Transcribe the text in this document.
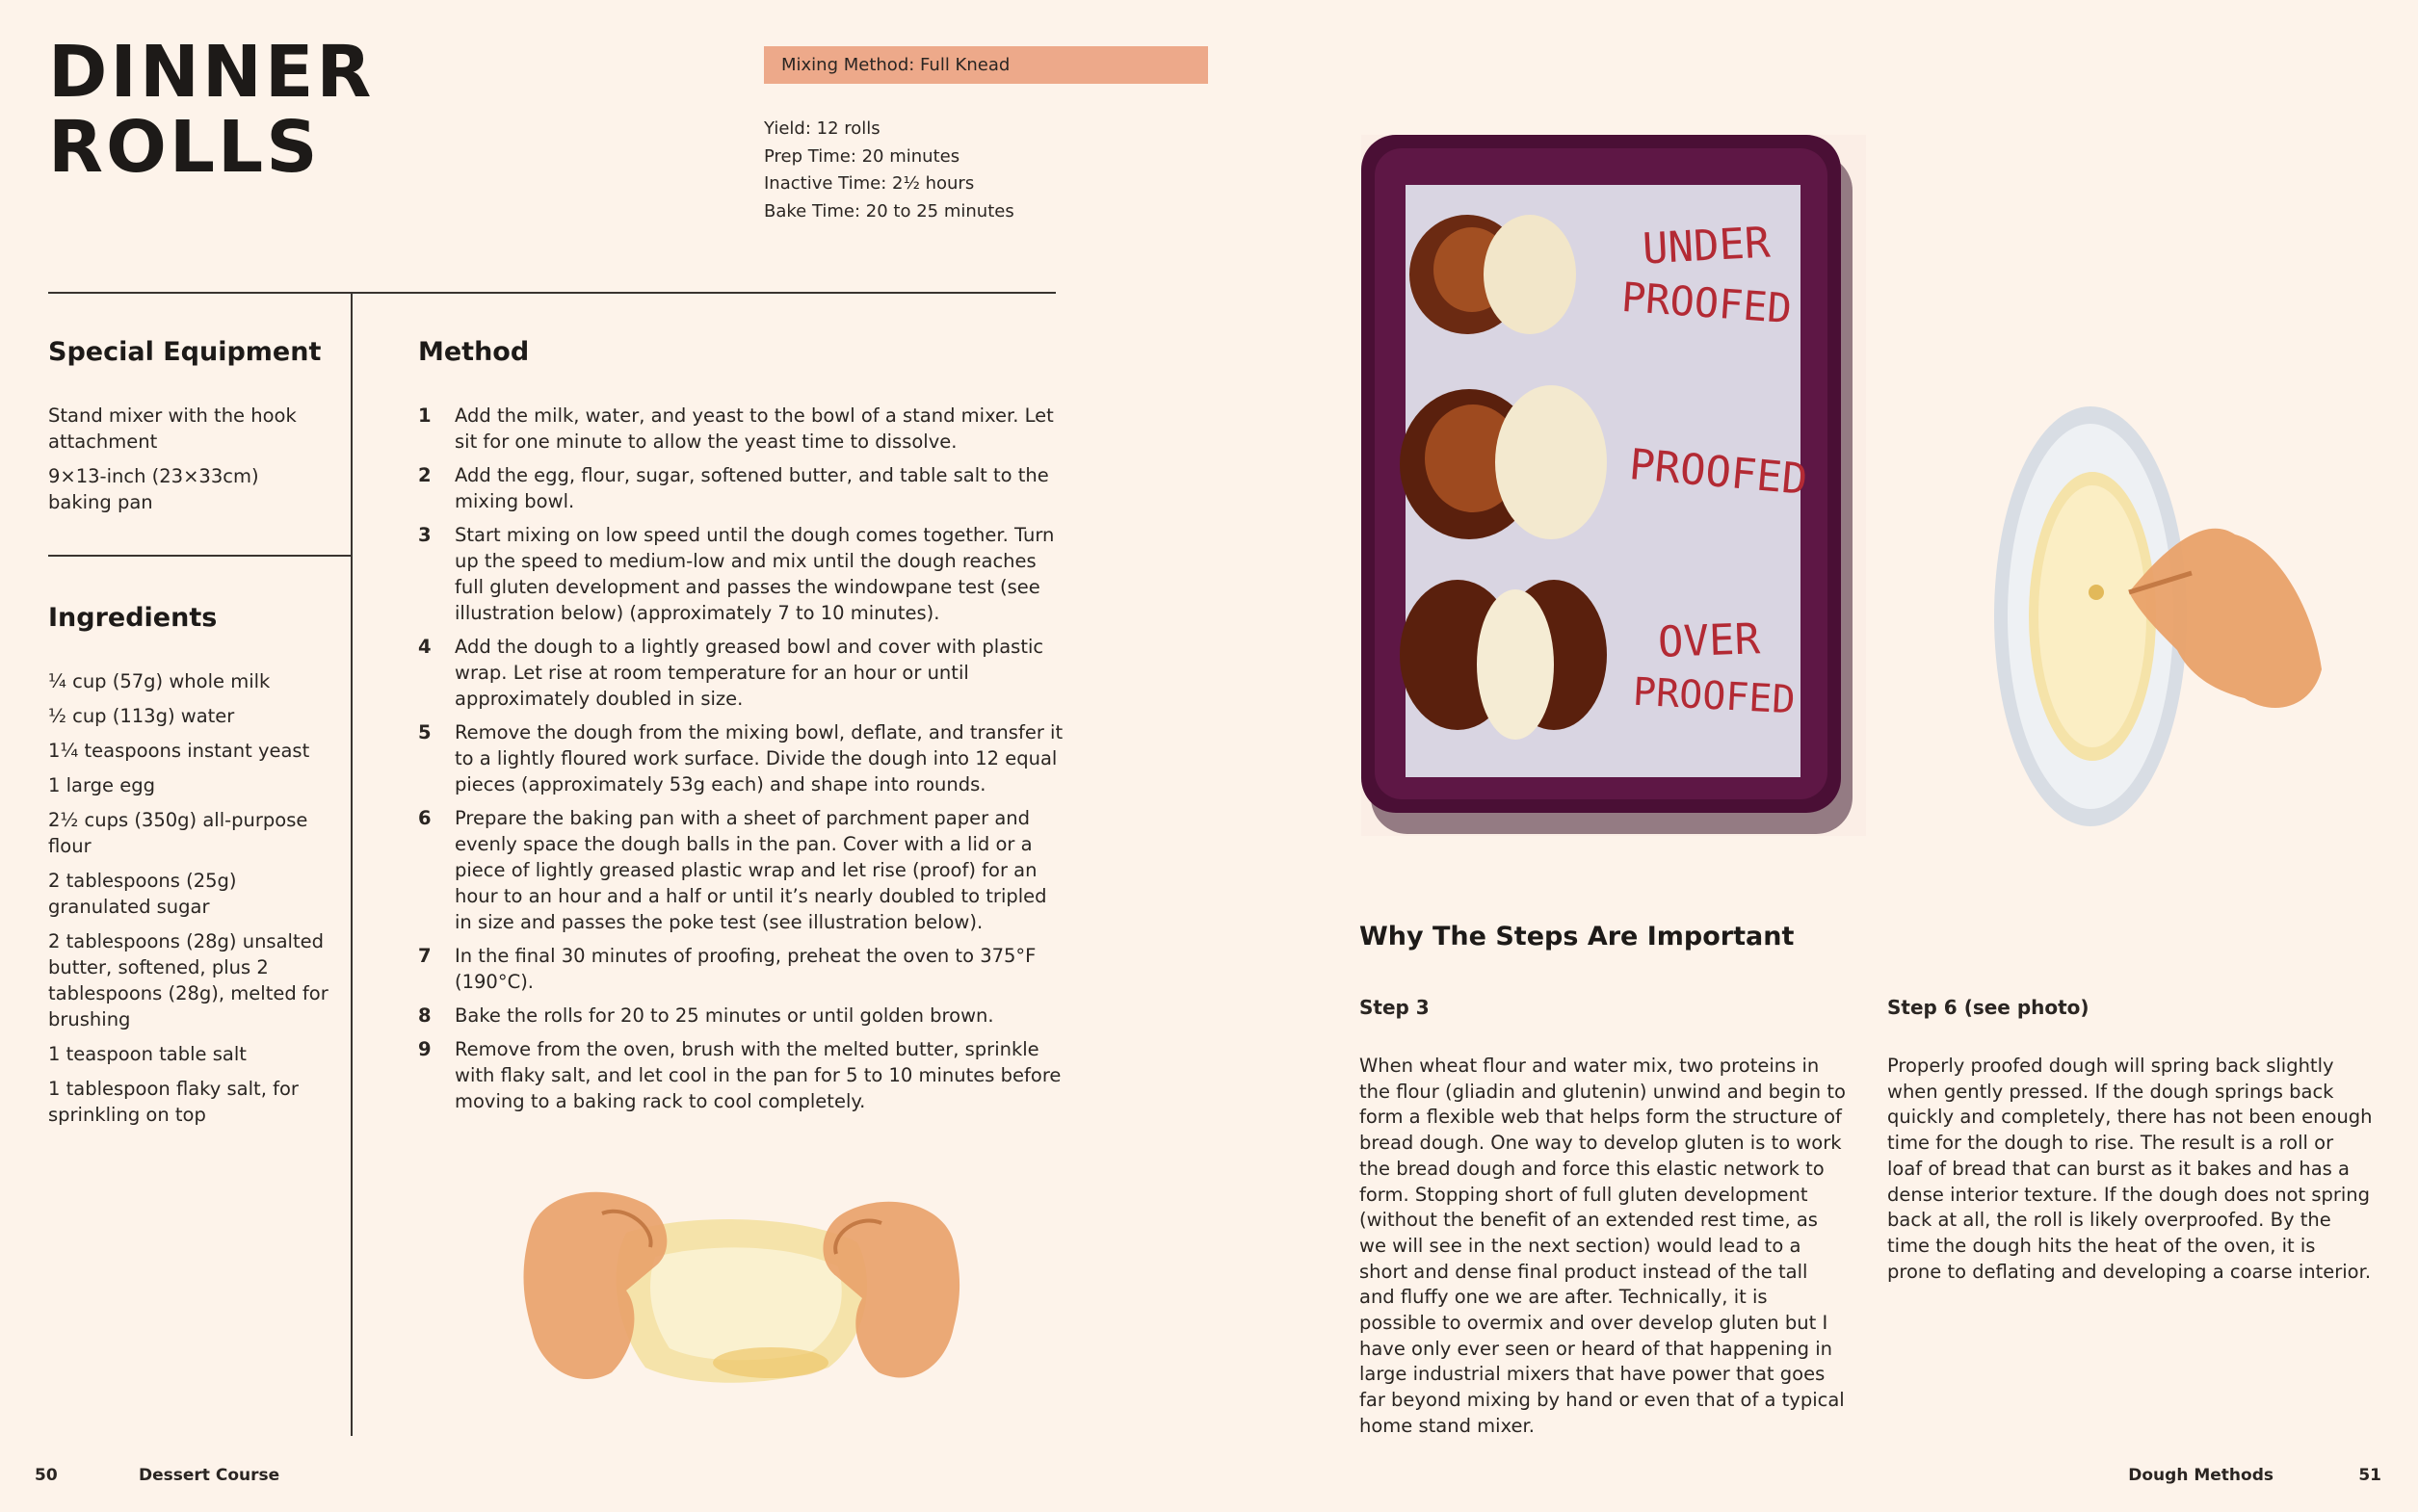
DINNER
ROLLS
Mixing Method: Full Knead
Yield: 12 rolls
Prep Time: 20 minutes
Inactive Time: 2½ hours
Bake Time: 20 to 25 minutes
Special Equipment
Stand mixer with the hook attachment
9×13-inch (23×33cm) baking pan
Ingredients
¼ cup (57g) whole milk
½ cup (113g) water
1¼ teaspoons instant yeast
1 large egg
2½ cups (350g) all-purpose flour
2 tablespoons (25g) granulated sugar
2 tablespoons (28g) unsalted butter, softened, plus 2 tablespoons (28g), melted for brushing
1 teaspoon table salt
1 tablespoon flaky salt, for sprinkling on top
Method
1	Add the milk, water, and yeast to the bowl of a stand mixer. Let sit for one minute to allow the yeast time to dissolve.
2	Add the egg, flour, sugar, softened butter, and table salt to the mixing bowl.
3	Start mixing on low speed until the dough comes together. Turn up the speed to medium-low and mix until the dough reaches full gluten development and passes the windowpane test (see illustration below) (approximately 7 to 10 minutes).
4	Add the dough to a lightly greased bowl and cover with plastic wrap. Let rise at room temperature for an hour or until approximately doubled in size.
5	Remove the dough from the mixing bowl, deflate, and transfer it to a lightly floured work surface. Divide the dough into 12 equal pieces (approximately 53g each) and shape into rounds.
6	Prepare the baking pan with a sheet of parchment paper and evenly space the dough balls in the pan. Cover with a lid or a piece of lightly greased plastic wrap and let rise (proof) for an hour to an hour and a half or until it’s nearly doubled to tripled in size and passes the poke test (see illustration below).
7	In the final 30 minutes of proofing, preheat the oven to 375°F (190°C).
8	Bake the rolls for 20 to 25 minutes or until golden brown.
9	Remove from the oven, brush with the melted butter, sprinkle with flaky salt, and let cool in the pan for 5 to 10 minutes before moving to a baking rack to cool completely.
UNDER
PROOFED
PROOFED
OVER
PROOFED
Why The Steps Are Important
Step 3
When wheat flour and water mix, two proteins in the flour (gliadin and glutenin) unwind and begin to form a flexible web that helps form the structure of bread dough. One way to develop gluten is to work the bread dough and force this elastic network to form. Stopping short of full gluten development (without the benefit of an extended rest time, as we will see in the next section) would lead to a short and dense final product instead of the tall and fluffy one we are after. Technically, it is possible to overmix and over develop gluten but I have only ever seen or heard of that happening in large industrial mixers that have power that goes far beyond mixing by hand or even that of a typical home stand mixer.
Step 6 (see photo)
Properly proofed dough will spring back slightly when gently pressed. If the dough springs back quickly and completely, there has not been enough time for the dough to rise. The result is a roll or loaf of bread that can burst as it bakes and has a dense interior texture. If the dough does not spring back at all, the roll is likely overproofed. By the time the dough hits the heat of the oven, it is prone to deflating and developing a coarse interior.
50	Dessert Course	Dough Methods	51
